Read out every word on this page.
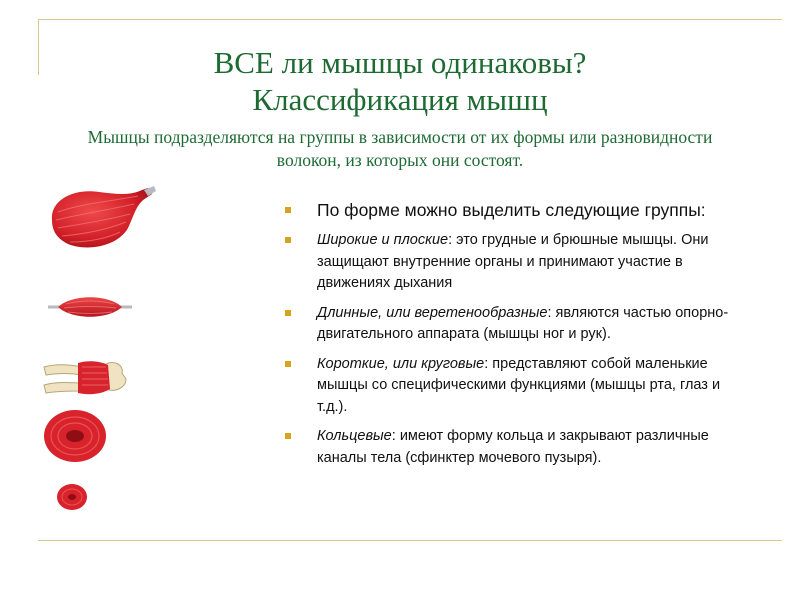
ВСЕ ли мышцы одинаковы?
Классификация мышц
Мышцы подразделяются на группы в зависимости от их формы или разновидности волокон, из которых они состоят.
По форме можно выделить следующие группы:
Широкие и плоские: это грудные и брюшные мышцы. Они защищают внутренние органы и принимают участие в движениях дыхания
Длинные, или веретенообразные: являются частью опорно-двигательного аппарата (мышцы ног и рук).
Короткие, или круговые: представляют собой маленькие мышцы со специфическими функциями (мышцы рта, глаз и т.д.).
Кольцевые: имеют форму кольца и закрывают различные каналы тела (сфинктер мочевого пузыря).
